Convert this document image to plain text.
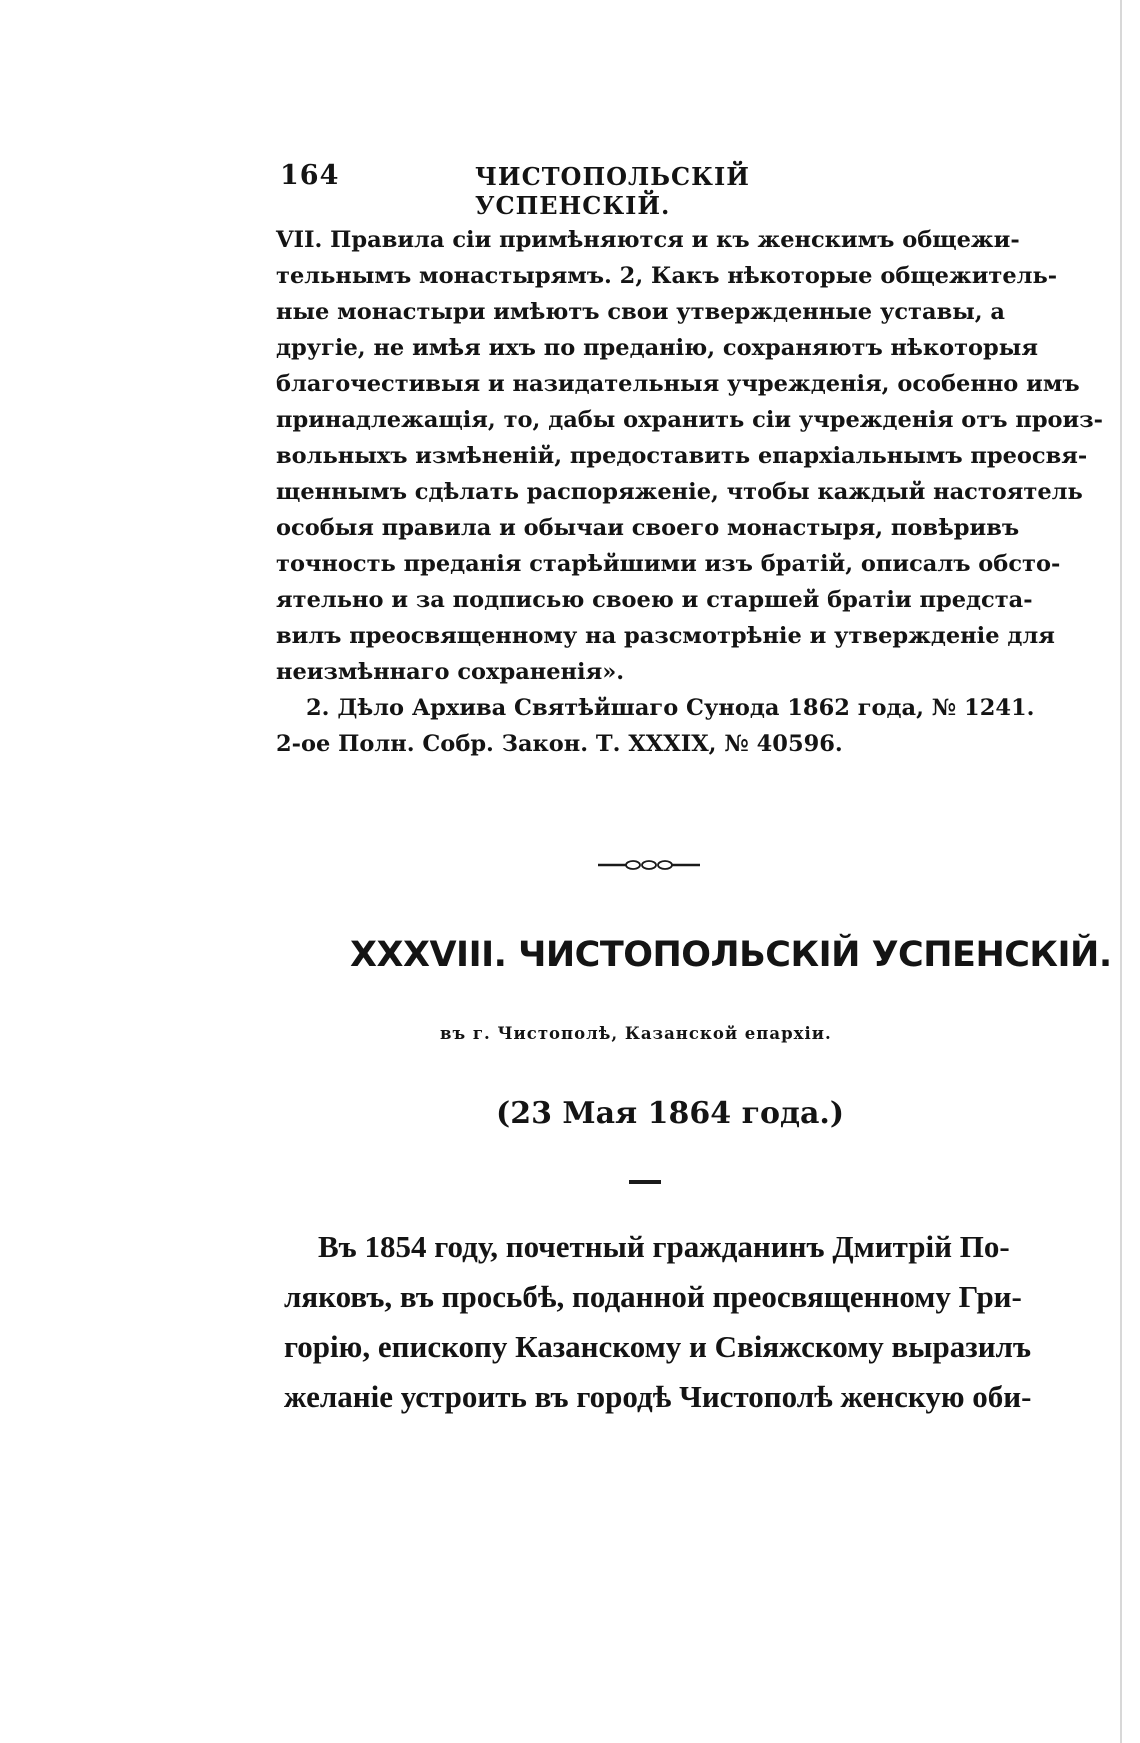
164	ЧИСТОПОЛЬСКІЙ УСПЕНСКІЙ.
VII. Правила сіи примѣняются и къ женскимъ общежи-
тельнымъ монастырямъ. 2, Какъ нѣкоторые общежитель-
ные монастыри имѣютъ свои утвержденные уставы, а
другіе, не имѣя ихъ по преданію, сохраняютъ нѣкоторыя
благочестивыя и назидательныя учрежденія, особенно имъ
принадлежащія, то, дабы охранить сіи учрежденія отъ произ-
вольныхъ измѣненій, предоставить епархіальнымъ преосвя-
щеннымъ сдѣлать распоряженіе, чтобы каждый настоятель
особыя правила и обычаи своего монастыря, повѣривъ
точность преданія старѣйшими изъ братій, описалъ обсто-
ятельно и за подписью своею и старшей братіи предста-
вилъ преосвященному на разсмотрѣніе и утвержденіе для
неизмѣннаго сохраненія».
2. Дѣло Архива Святѣйшаго Сунода 1862 года, № 1241.
2-ое Полн. Собр. Закон. Т. XXXIX, № 40596.
XXXVIII. ЧИСТОПОЛЬСКІЙ УСПЕНСКІЙ.
въ г. Чистополѣ, Казанской епархіи.
(23 Мая 1864 года.)
Въ 1854 году, почетный гражданинъ Дмитрій По-
ляковъ, въ просьбѣ, поданной преосвященному Гри-
горію, епископу Казанскому и Свіяжскому выразилъ
желаніе устроить въ городѣ Чистополѣ женскую оби-
